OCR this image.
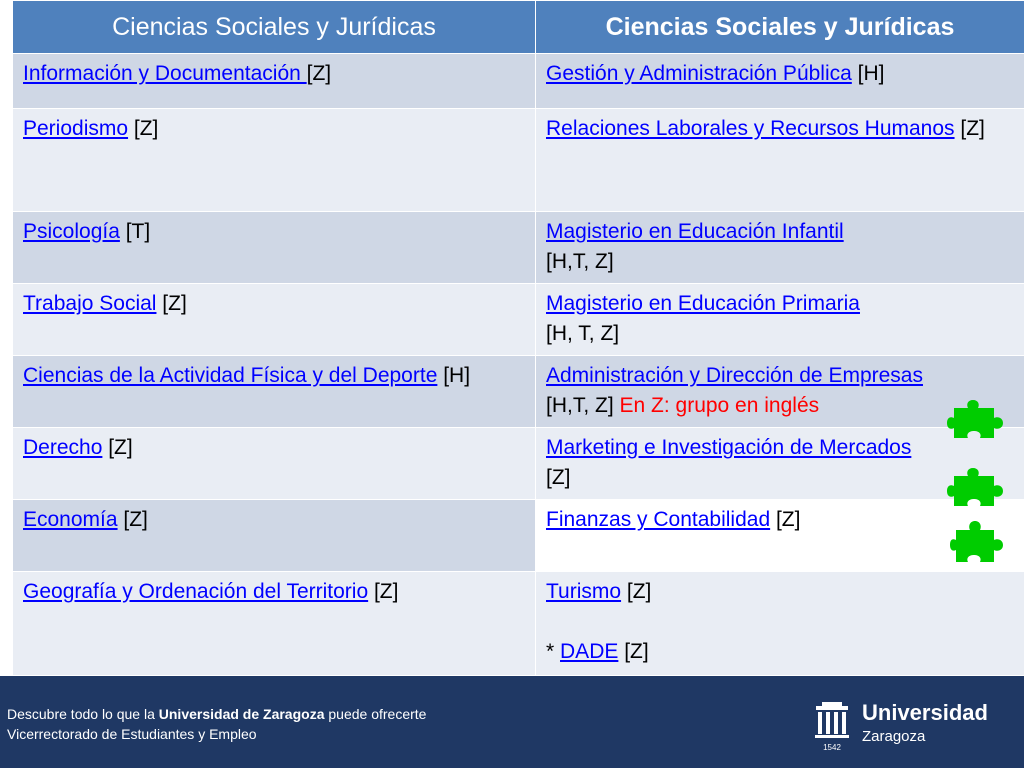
Ciencias Sociales y Jurídicas	Ciencias Sociales y Jurídicas
Información y Documentación [Z]	Gestión y Administración Pública [H]
Periodismo [Z]	Relaciones Laborales y Recursos Humanos [Z]
Psicología [T]	Magisterio en Educación Infantil
[H,T, Z]
Trabajo Social [Z]	Magisterio en Educación Primaria
[H, T, Z]
Ciencias de la Actividad Física y del Deporte [H]	Administración y Dirección de Empresas
[H,T, Z] En Z: grupo en inglés
Derecho [Z]	Marketing e Investigación de Mercados
[Z]
Economía [Z]	Finanzas y Contabilidad [Z]
Geografía y Ordenación del Territorio [Z]	Turismo [Z]

* DADE [Z]
Descubre todo lo que la Universidad de Zaragoza puede ofrecerte
Vicerrectorado de Estudiantes y Empleo
1542
Universidad
Zaragoza
